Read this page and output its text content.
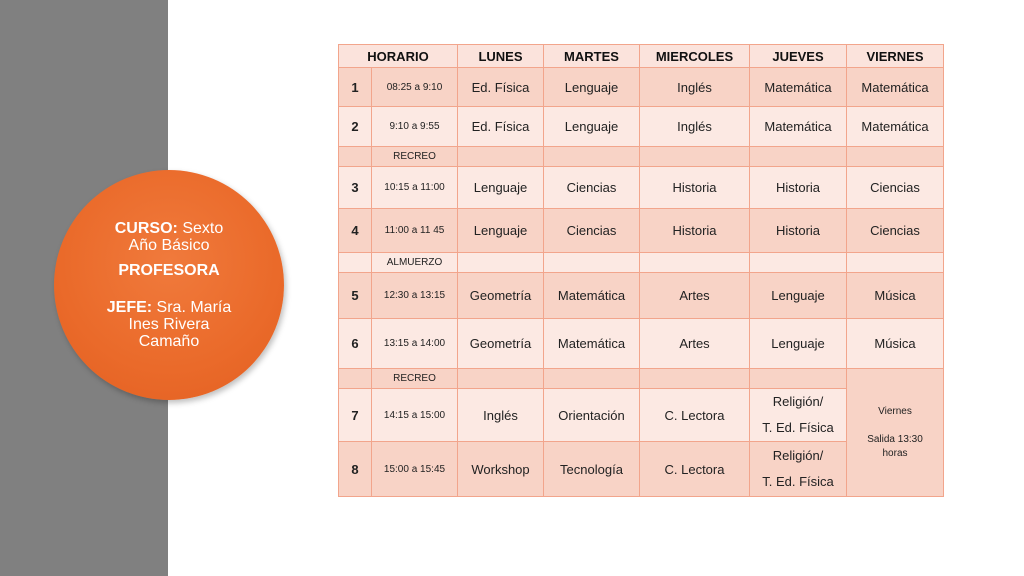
CURSO: Sexto
Año Básico
PROFESORA
JEFE: Sra. María
Ines Rivera
Camaño
HORARIO		LUNES	MARTES	MIERCOLES	JUEVES	VIERNES
1	08:25 a 9:10	Ed. Física	Lenguaje	Inglés	Matemática	Matemática
2	9:10 a 9:55	Ed. Física	Lenguaje	Inglés	Matemática	Matemática
	RECREO					
3	10:15 a 11:00	Lenguaje	Ciencias	Historia	Historia	Ciencias
4	11:00 a 11 45	Lenguaje	Ciencias	Historia	Historia	Ciencias
	ALMUERZO					
5	12:30 a 13:15	Geometría	Matemática	Artes	Lenguaje	Música
6	13:15 a 14:00	Geometría	Matemática	Artes	Lenguaje	Música
	RECREO					Viernes

Salida 13:30
horas
7	14:15 a 15:00	Inglés	Orientación	C. Lectora	Religión/
T. Ed. Física	
8	15:00 a 15:45	Workshop	Tecnología	C. Lectora	Religión/
T. Ed. Física	
